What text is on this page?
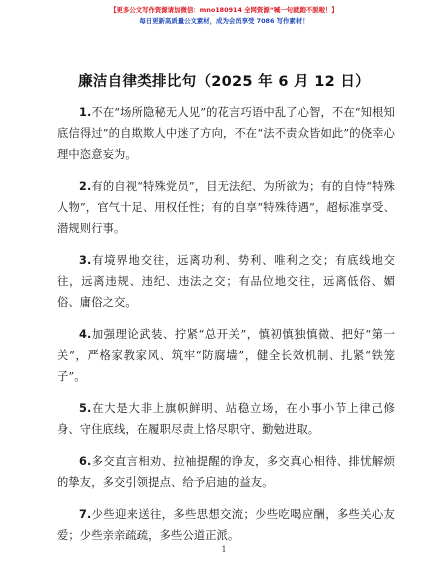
【更多公文写作资源请加微信：mno180914 全网资源“喊一句就跑不脱啦！】
每日更新高质量公文素材，成为会员享受 7086 写作素材！
廉洁自律类排比句（2025 年 6 月 12 日）

1.不在“场所隐秘无人见”的花言巧语中乱了心智，不在“知根知底信得过”的自欺欺人中迷了方向，不在“法不责众皆如此”的侥幸心理中恣意妄为。

2.有的自视“特殊党员”，目无法纪、为所欲为；有的自恃“特殊人物”，官气十足、用权任性；有的自享“特殊待遇”，超标准享受、潜规则行事。

3.有境界地交往，远离功利、势利、唯利之交；有底线地交往，远离违规、违纪、违法之交；有品位地交往，远离低俗、媚俗、庸俗之交。

4.加强理论武装、拧紧“总开关”，慎初慎独慎微、把好“第一关”，严格家教家风、筑牢“防腐墙”，健全长效机制、扎紧“铁笼子”。

5.在大是大非上旗帜鲜明、站稳立场，在小事小节上律己修身、守住底线，在履职尽责上恪尽职守、勤勉进取。

6.多交直言相劝、拉袖提醒的诤友，多交真心相待、排忧解烦的挚友，多交引领提点、给予启迪的益友。

7.少些迎来送往，多些思想交流；少些吃喝应酬，多些关心友爱；少些亲亲疏疏，多些公道正派。

1
